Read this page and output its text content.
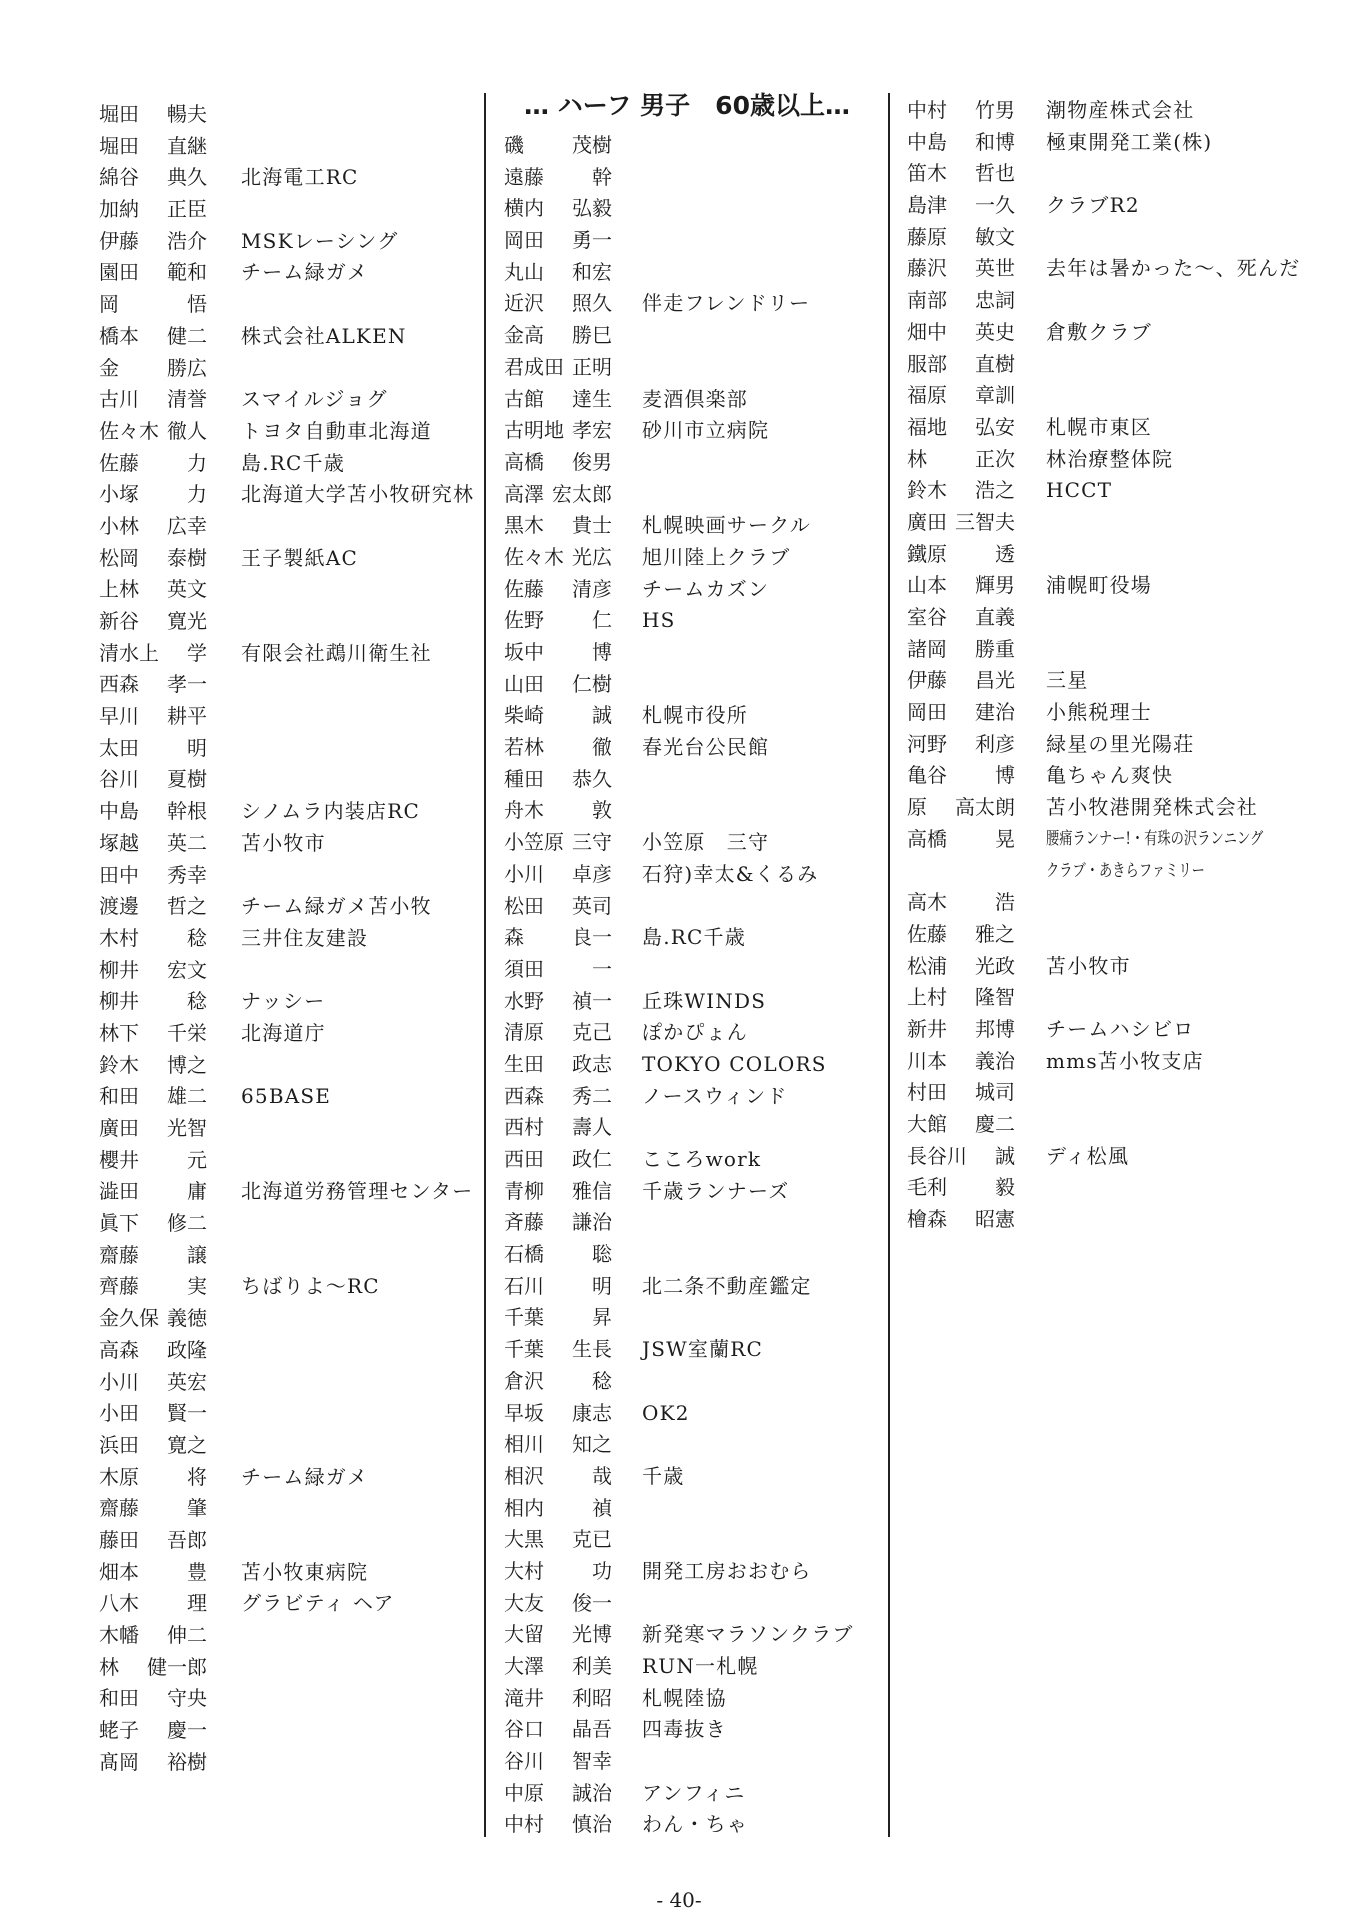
… ハーフ 男子　60歳以上…
堀田 暢夫
堀田 直継
綿谷 典久 北海電工RC
加納 正臣
伊藤 浩介 MSKレーシング
園田 範和 チーム緑ガメ
岡	悟
橋本 健二 株式会社ALKEN
金 勝広
古川 清誉 スマイルジョグ
佐々木 徹人 トヨタ自動車北海道
佐藤 力 島.RC千歳
小塚 力 北海道大学苫小牧研究林
小林 広幸
松岡 泰樹 王子製紙AC
上林 英文
新谷 寛光
清水上 学 有限会社鵡川衛生社
西森 孝一
早川 耕平
太田 明
谷川 夏樹
中島 幹根 シノムラ内装店RC
塚越 英二 苫小牧市
田中 秀幸
渡邊 哲之 チーム緑ガメ苫小牧
木村 稔 三井住友建設
柳井 宏文
柳井 稔 ナッシー
林下 千栄 北海道庁
鈴木 博之
和田 雄二 65BASE
廣田 光智
櫻井 元
澁田 庸 北海道労務管理センター
眞下 修二
齋藤 譲
齊藤 実 ちばりよ〜RC
金久保 義徳
高森 政隆
小川 英宏
小田 賢一
浜田 寛之
木原 将 チーム緑ガメ
齋藤 肇
藤田 吾郎
畑本 豊 苫小牧東病院
八木 理 グラビティ ヘア
木幡 伸二
林 健一郎
和田 守央
蛯子 慶一
髙岡 裕樹
磯 茂樹
遠藤 幹
横内 弘毅
岡田 勇一
丸山 和宏
近沢 照久 伴走フレンドリー
金高 勝巳
君成田 正明
古館 達生 麦酒倶楽部
古明地 孝宏 砂川市立病院
高橋 俊男
高澤 宏太郎
黒木 貴士 札幌映画サークル
佐々木 光広 旭川陸上クラブ
佐藤 清彦 チームカズン
佐野 仁 HS
坂中 博
山田 仁樹
柴崎 誠 札幌市役所
若林 徹 春光台公民館
種田 恭久
舟木 敦
小笠原 三守 小笠原　三守
小川 卓彦 石狩)幸太&くるみ
松田 英司
森 良一 島.RC千歳
須田 一
水野 禎一 丘珠WINDS
清原 克己 ぽかぴょん
生田 政志 TOKYO COLORS
西森 秀二 ノースウィンド
西村 壽人
西田 政仁 こころwork
青柳 雅信 千歳ランナーズ
斉藤 謙治
石橋 聡
石川 明 北二条不動産鑑定
千葉 昇
千葉 生長 JSW室蘭RC
倉沢 稔
早坂 康志 OK2
相川 知之
相沢 哉 千歳
相内 禎
大黒 克已
大村 功 開発工房おおむら
大友 俊一
大留 光博 新発寒マラソンクラブ
大澤 利美 RUN一札幌
滝井 利昭 札幌陸協
谷口 晶吾 四毒抜き
谷川 智幸
中原 誠治 アンフィニ
中村 慎治 わん・ちゃ
中村 竹男 潮物産株式会社
中島 和博 極東開発工業(株)
笛木 哲也
島津 一久 クラブR2
藤原 敏文
藤沢 英世 去年は暑かった〜、死んだ
南部 忠詞
畑中 英史 倉敷クラブ
服部 直樹
福原 章訓
福地 弘安 札幌市東区
林 正次 林治療整体院
鈴木 浩之 HCCT
廣田 三智夫
鐵原 透
山本 輝男 浦幌町役場
室谷 直義
諸岡 勝重
伊藤 昌光 三星
岡田 建治 小熊税理士
河野 利彦 緑星の里光陽荘
亀谷 博 亀ちゃん爽快
原 高太朗 苫小牧港開発株式会社
高橋 晃 腰痛ランナー!・有珠の沢ランニング
クラブ・あきらファミリー
高木 浩
佐藤 雅之
松浦 光政 苫小牧市
上村 隆智
新井 邦博 チームハシビロ
川本 義治 mms苫小牧支店
村田 城司
大館 慶二
長谷川 誠 ディ松風
毛利 毅
檜森 昭憲
- 40-
